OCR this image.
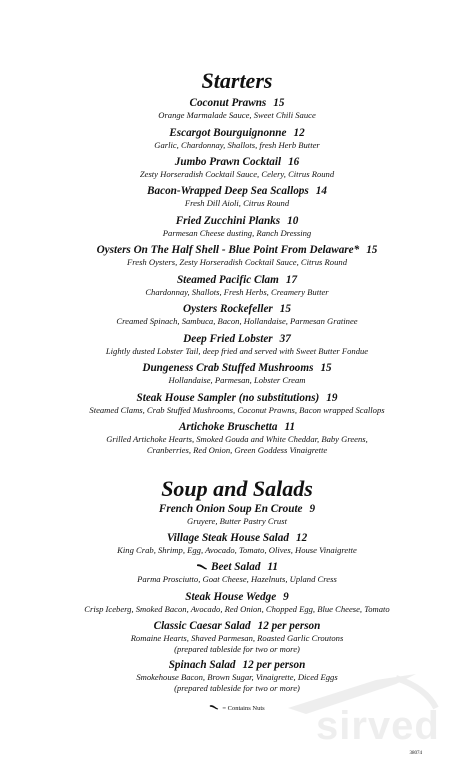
Starters
Coconut Prawns 15
Orange Marmalade Sauce, Sweet Chili Sauce
Escargot Bourguignonne 12
Garlic, Chardonnay, Shallots, fresh Herb Butter
Jumbo Prawn Cocktail 16
Zesty Horseradish Cocktail Sauce, Celery, Citrus Round
Bacon-Wrapped Deep Sea Scallops 14
Fresh Dill Aioli, Citrus Round
Fried Zucchini Planks 10
Parmesan Cheese dusting, Ranch Dressing
Oysters On The Half Shell - Blue Point From Delaware* 15
Fresh Oysters, Zesty Horseradish Cocktail Sauce, Citrus Round
Steamed Pacific Clam 17
Chardonnay, Shallots, Fresh Herbs, Creamery Butter
Oysters Rockefeller 15
Creamed Spinach, Sambuca, Bacon, Hollandaise, Parmesan Gratinee
Deep Fried Lobster 37
Lightly dusted Lobster Tail, deep fried and served with Sweet Butter Fondue
Dungeness Crab Stuffed Mushrooms 15
Hollandaise, Parmesan, Lobster Cream
Steak House Sampler (no substitutions) 19
Steamed Clams, Crab Stuffed Mushrooms, Coconut Prawns, Bacon wrapped Scallops
Artichoke Bruschetta 11
Grilled Artichoke Hearts, Smoked Gouda and White Cheddar, Baby Greens,
Cranberries, Red Onion, Green Goddess Vinaigrette
Soup and Salads
French Onion Soup En Croute 9
Gruyere, Butter Pastry Crust
Village Steak House Salad 12
King Crab, Shrimp, Egg, Avocado, Tomato, Olives, House Vinaigrette
Beet Salad 11
Parma Prosciutto, Goat Cheese, Hazelnuts, Upland Cress
Steak House Wedge 9
Crisp Iceberg, Smoked Bacon, Avocado, Red Onion, Chopped Egg, Blue Cheese, Tomato
Classic Caesar Salad 12 per person
Romaine Hearts, Shaved Parmesan, Roasted Garlic Croutons
(prepared tableside for two or more)
Spinach Salad 12 per person
Smokehouse Bacon, Brown Sugar, Vinaigrette, Diced Eggs
(prepared tableside for two or more)
= Contains Nuts	sirved
38074
